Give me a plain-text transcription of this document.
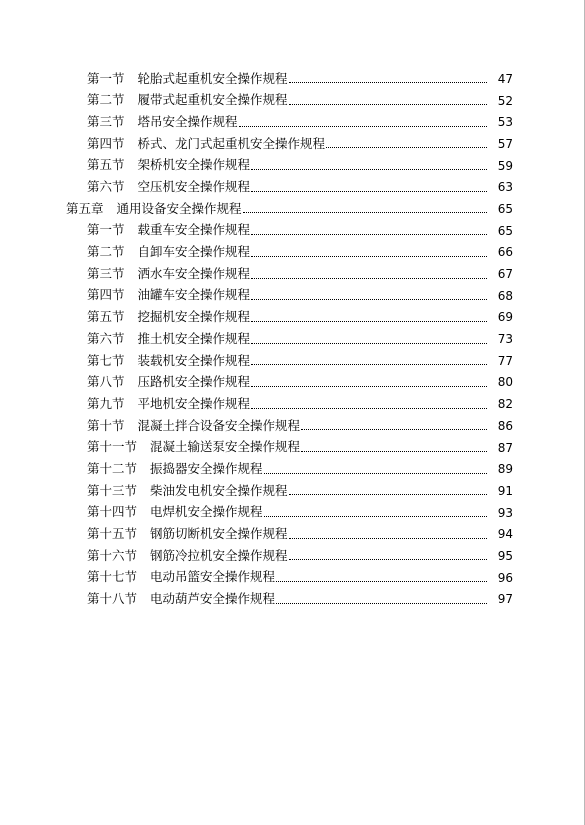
第一节 轮胎式起重机安全操作规程	47
第二节 履带式起重机安全操作规程	52
第三节 塔吊安全操作规程	53
第四节 桥式、龙门式起重机安全操作规程	57
第五节 架桥机安全操作规程	59
第六节 空压机安全操作规程	63
第五章 通用设备安全操作规程	65
第一节 载重车安全操作规程	65
第二节 自卸车安全操作规程	66
第三节 洒水车安全操作规程	67
第四节 油罐车安全操作规程	68
第五节 挖掘机安全操作规程	69
第六节 推土机安全操作规程	73
第七节 装载机安全操作规程	77
第八节 压路机安全操作规程	80
第九节 平地机安全操作规程	82
第十节 混凝土拌合设备安全操作规程	86
第十一节 混凝土输送泵安全操作规程	87
第十二节 振捣器安全操作规程	89
第十三节 柴油发电机安全操作规程	91
第十四节 电焊机安全操作规程	93
第十五节 钢筋切断机安全操作规程	94
第十六节 钢筋冷拉机安全操作规程	95
第十七节 电动吊篮安全操作规程	96
第十八节 电动葫芦安全操作规程	97
